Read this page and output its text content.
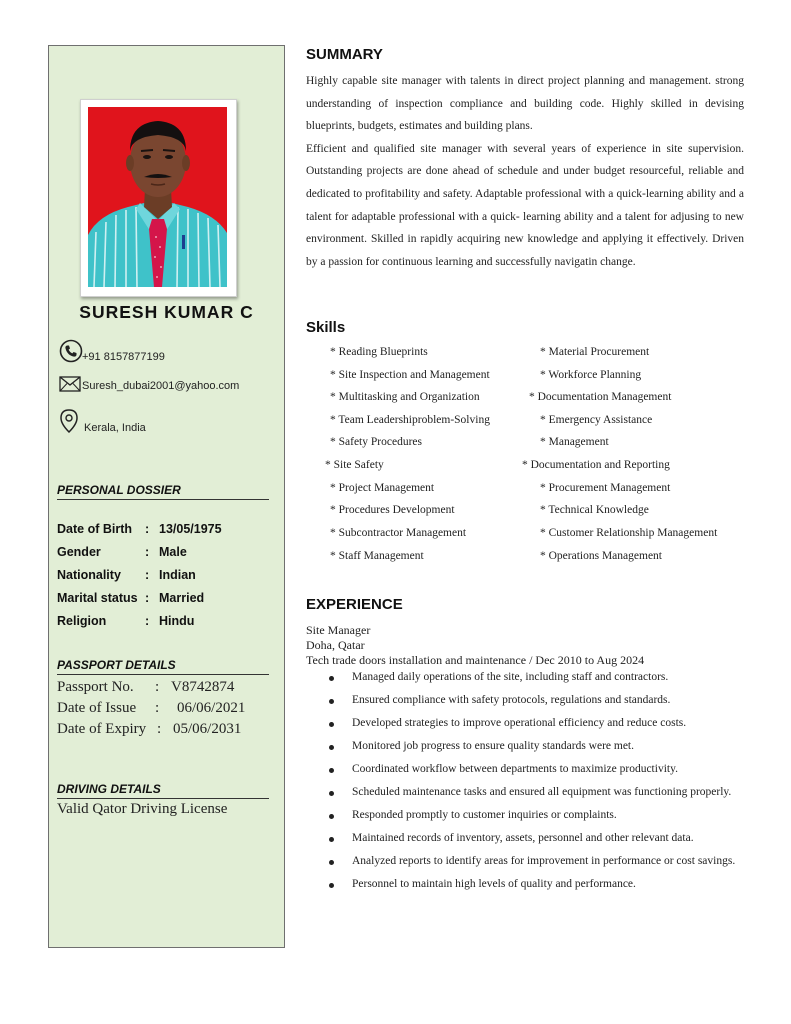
SURESH KUMAR C
+91 8157877199
Suresh_dubai2001@yahoo.com
Kerala, India
PERSONAL DOSSIER
Date of Birth : 13/05/1975
Gender	: Male
Nationality : Indian
Marital status : Married
Religion	: Hindu
PASSPORT DETAILS
Passport No. : V8742874
Date of Issue : 06/06/2021
Date of Expiry : 05/06/2031
DRIVING DETAILS
Valid Qator Driving License
SUMMARY

Highly capable site manager with talents in direct project planning and management. strong understanding of inspection compliance and building code. Highly skilled in devising blueprints, budgets, estimates and building plans.

Efficient and qualified site manager with several years of experience in site supervision. Outstanding projects are done ahead of schedule and under budget resourceful, reliable and dedicated to profitability and safety. Adaptable professional with a quick-learning ability and a talent for adaptable professional with a quick- learning ability and a talent for adjusing to new environment. Skilled in rapidly acquiring new knowledge and applying it effectively. Driven by a passion for continuous learning and successfully navigatin change.

Skills
* Reading Blueprints
* Site Inspection and Management
* Multitasking and Organization
* Team Leadershiproblem-Solving
* Safety Procedures
* Site Safety
* Project Management
* Procedures Development
* Subcontractor Management
* Staff Management
* Material Procurement
* Workforce Planning
* Documentation Management
* Emergency Assistance
* Management
* Documentation and Reporting
* Procurement Management
* Technical Knowledge
* Customer Relationship Management
* Operations Management
EXPERIENCE
Site Manager
Doha, Qatar
Tech trade doors installation and maintenance / Dec 2010 to Aug 2024
Managed daily operations of the site, including staff and contractors.
Ensured compliance with safety protocols, regulations and standards.
Developed strategies to improve operational efficiency and reduce costs.
Monitored job progress to ensure quality standards were met.
Coordinated workflow between departments to maximize productivity.
Scheduled maintenance tasks and ensured all equipment was functioning properly.
Responded promptly to customer inquiries or complaints.
Maintained records of inventory, assets, personnel and other relevant data.
Analyzed reports to identify areas for improvement in performance or cost savings.
Personnel to maintain high levels of quality and performance.
